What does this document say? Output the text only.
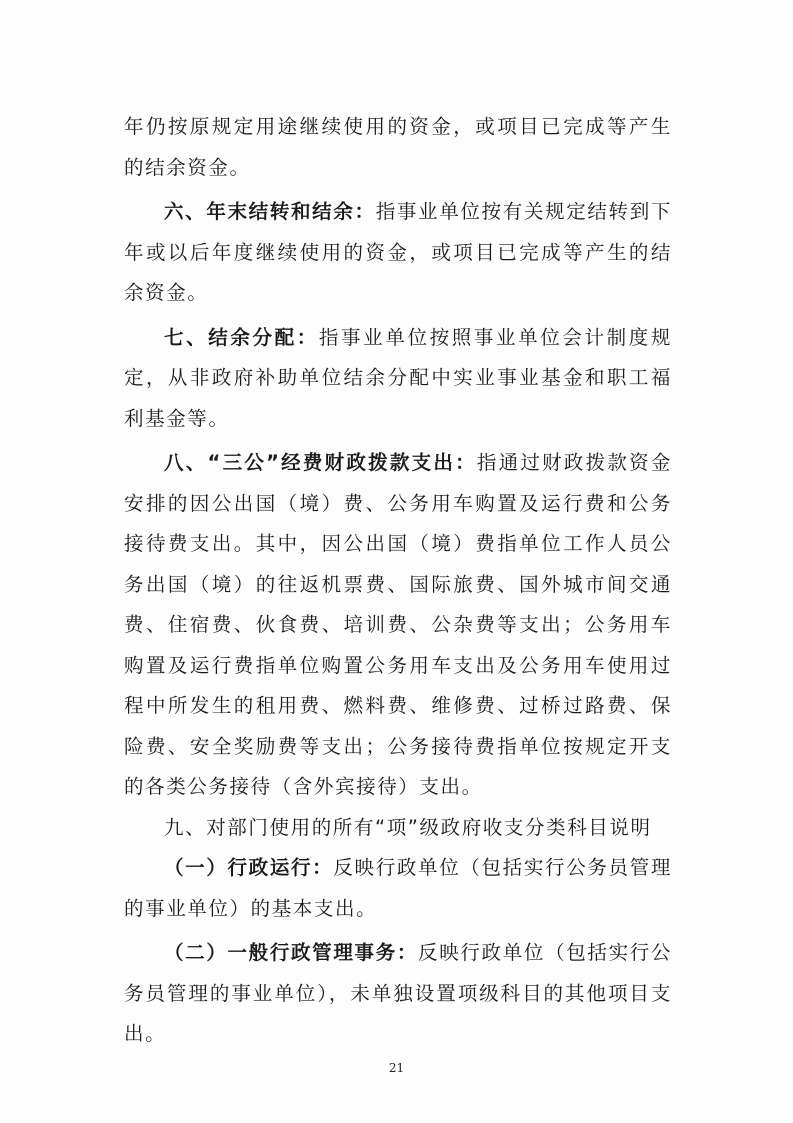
年仍按原规定用途继续使用的资金，或项目已完成等产生的结余资金。

六、年末结转和结余：指事业单位按有关规定结转到下年或以后年度继续使用的资金，或项目已完成等产生的结余资金。

七、结余分配：指事业单位按照事业单位会计制度规定，从非政府补助单位结余分配中实业事业基金和职工福利基金等。

八、“三公”经费财政拨款支出：指通过财政拨款资金安排的因公出国（境）费、公务用车购置及运行费和公务接待费支出。其中，因公出国（境）费指单位工作人员公务出国（境）的往返机票费、国际旅费、国外城市间交通费、住宿费、伙食费、培训费、公杂费等支出；公务用车购置及运行费指单位购置公务用车支出及公务用车使用过程中所发生的租用费、燃料费、维修费、过桥过路费、保险费、安全奖励费等支出；公务接待费指单位按规定开支的各类公务接待（含外宾接待）支出。

九、对部门使用的所有“项”级政府收支分类科目说明

（一）行政运行：反映行政单位（包括实行公务员管理的事业单位）的基本支出。

（二）一般行政管理事务：反映行政单位（包括实行公务员管理的事业单位），未单独设置项级科目的其他项目支出。

21
